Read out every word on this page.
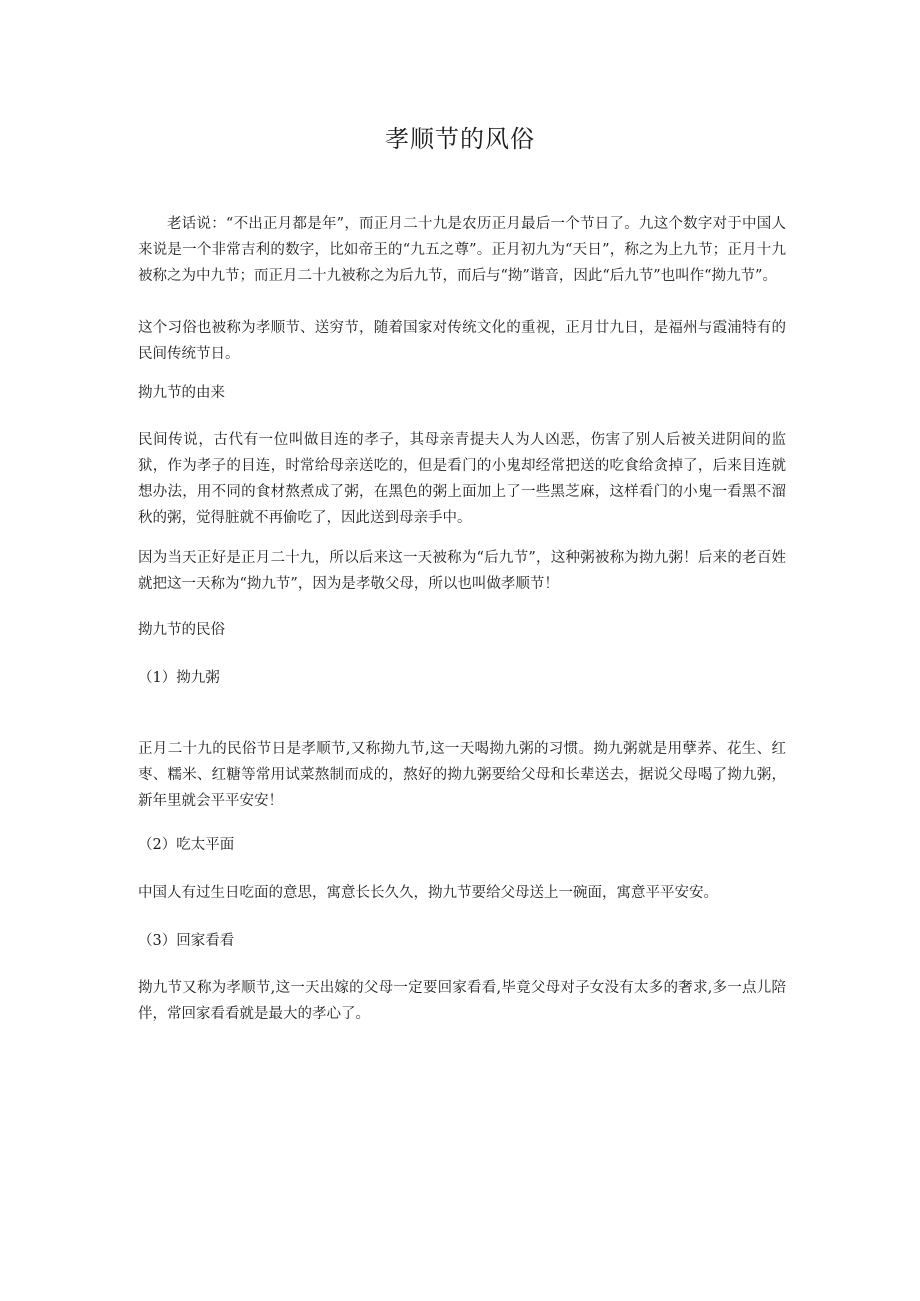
孝顺节的风俗

老话说：“不出正月都是年”，而正月二十九是农历正月最后一个节日了。九这个数字对于中国人来说是一个非常吉利的数字，比如帝王的“九五之尊”。正月初九为“天日”，称之为上九节；正月十九被称之为中九节；而正月二十九被称之为后九节，而后与“拗”谐音，因此“后九节”也叫作“拗九节”。

这个习俗也被称为孝顺节、送穷节，随着国家对传统文化的重视，正月廿九日，是福州与霞浦特有的民间传统节日。

拗九节的由来

民间传说，古代有一位叫做目连的孝子，其母亲青提夫人为人凶恶，伤害了别人后被关进阴间的监狱，作为孝子的目连，时常给母亲送吃的，但是看门的小鬼却经常把送的吃食给贪掉了，后来目连就想办法，用不同的食材熬煮成了粥，在黑色的粥上面加上了一些黑芝麻，这样看门的小鬼一看黑不溜秋的粥，觉得脏就不再偷吃了，因此送到母亲手中。

因为当天正好是正月二十九，所以后来这一天被称为“后九节”，这种粥被称为拗九粥！后来的老百姓就把这一天称为“拗九节”，因为是孝敬父母，所以也叫做孝顺节！

拗九节的民俗

（1）拗九粥

正月二十九的民俗节日是孝顺节,又称拗九节,这一天喝拗九粥的习惯。拗九粥就是用孽荞、花生、红枣、糯米、红糖等常用试菜熬制而成的，熬好的拗九粥要给父母和长辈送去，据说父母喝了拗九粥，新年里就会平平安安！

（2）吃太平面

中国人有过生日吃面的意思，寓意长长久久，拗九节要给父母送上一碗面，寓意平平安安。

（3）回家看看

拗九节又称为孝顺节,这一天出嫁的父母一定要回家看看,毕竟父母对子女没有太多的奢求,多一点儿陪伴，常回家看看就是最大的孝心了。
